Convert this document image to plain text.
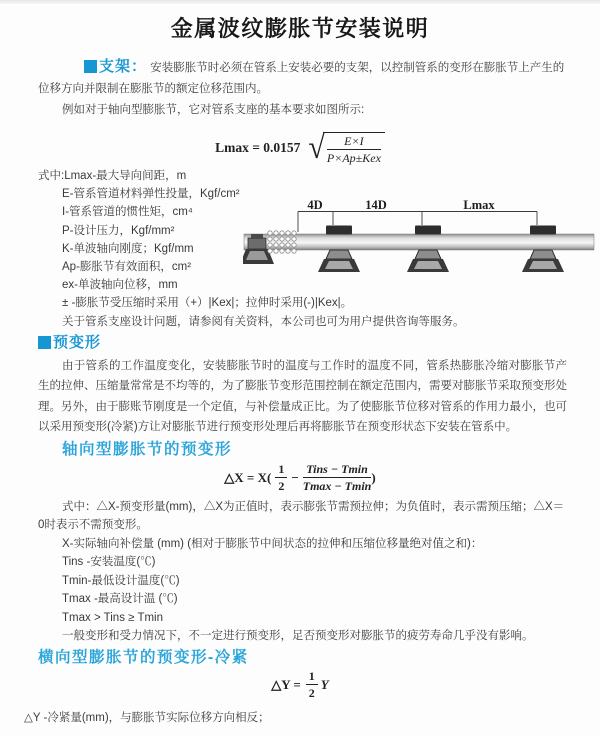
金属波纹膨胀节安装说明

支架： 安装膨胀节时必须在管系上安装必要的支架，以控制管系的变形在膨胀节上产生的位移方向并限制在膨胀节的额定位移范围内。

例如对于轴向型膨胀节，它对管系支座的基本要求如图所示:

Lmax = 0.0157 √ $\frac{E\times I}{\text{P×Ap±Kex}}$
式中:Lmax-最大导向间距，m
E-管系管道材料弹性投量，Kgf/cm²
I-管系管道的惯性矩，cm⁴
P-设计压力，Kgf/mm²
K-单波轴向刚度；Kgf/mm
Ap-膨胀节有效面积，cm²
ex-单波轴向位移，mm
± -膨胀节受压缩时采用（+）|Kex|；拉伸时采用(-)|Kex|。
关于管系支座设计问题，请参阅有关资料，本公司也可为用户提供咨询等服务。
4D	14D	Lmax
预变形

由于管系的工作温度变化，安装膨胀节时的温度与工作时的温度不同，管系热膨胀冷缩对膨胀节产生的拉伸、压缩量常常是不均等的，为了膨胀节变形范围控制在额定范围内，需要对膨胀节采取预变形处理。另外，由于膨账节刚度是一个定值，与补偿量成正比。为了使膨胀节位移对管系的作用力最小，也可以采用预变形(冷紧)方让对膨胀节进行预变形处理后再将膨胀节在预变形状态下安装在管系中。

轴向型膨胀节的预变形
△X = $X( \frac{1}{2} - \frac{\text{Tins − Tmin}}{Tmax - Tmin}$ )
式中：△X-预变形量(mm)，△X为正值时，表示膨张节需预拉伸；为负值时，表示需预压缩；△X＝0时表示不需预变形。
X-实际轴向补偿量 (mm) (相对于膨胀节中间状态的拉伸和压缩位移量绝对值之和)：
Tins -安装温度(℃)
Tmin-最低设计温度(℃)
Tmax -最高设计温 (℃)
Tmax > Tins ≥ Tmin
一般变形和受力情况下，不一定进行预变形，足否预变形对膨胀节的疲劳寿命几乎没有影响。
横向型膨胀节的预变形-冷紧
△Y = $\frac{1}{2}$ Y
△Y -冷紧量(mm)，与膨胀节实际位移方向相反；
